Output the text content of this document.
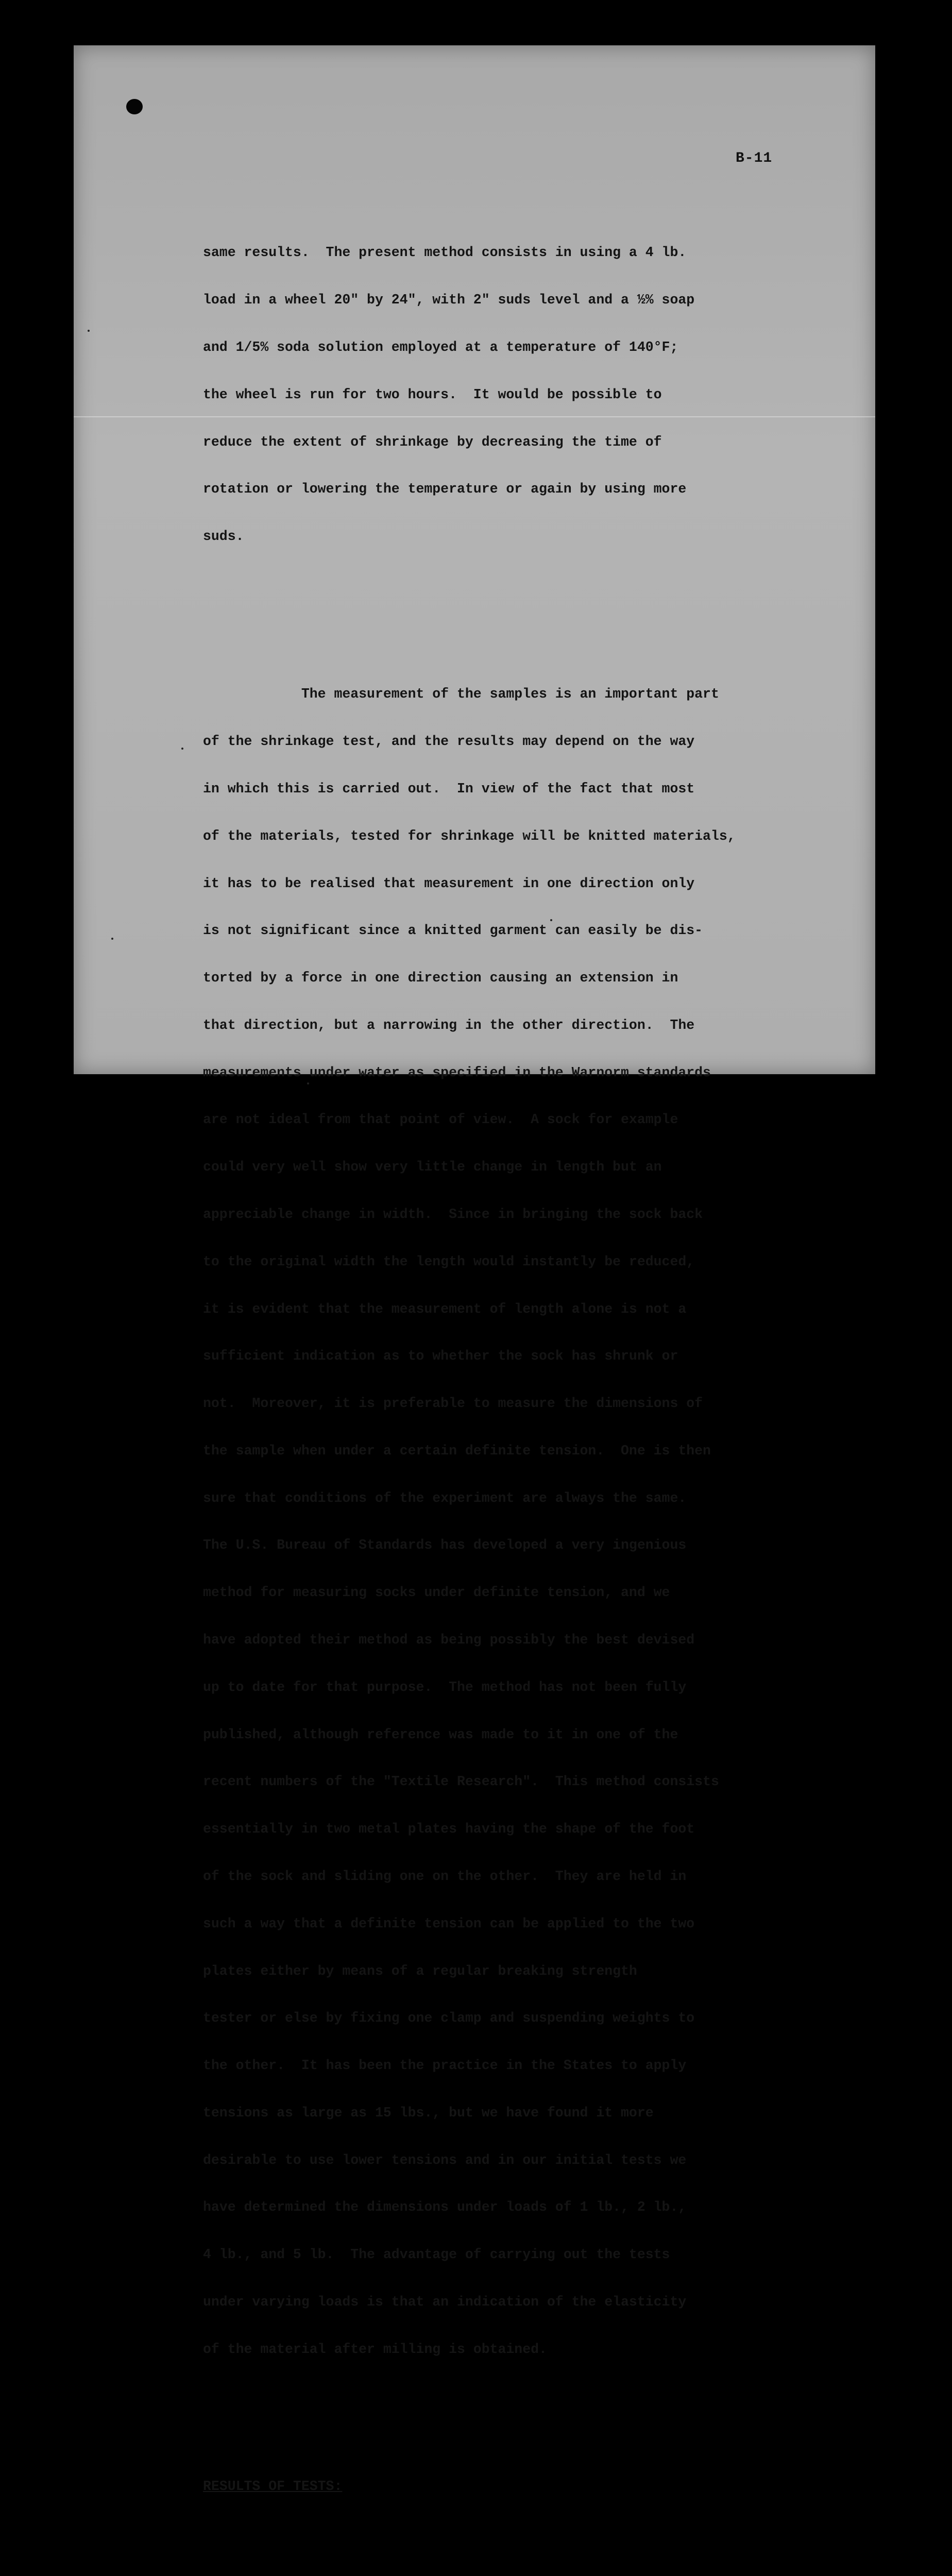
B-11

same results.  The present method consists in using a 4 lb.

load in a wheel 20" by 24", with 2" suds level and a ½% soap

and 1/5% soda solution employed at a temperature of 140°F;

the wheel is run for two hours.  It would be possible to

reduce the extent of shrinkage by decreasing the time of

rotation or lowering the temperature or again by using more

suds.

The measurement of the samples is an important part

of the shrinkage test, and the results may depend on the way

in which this is carried out.  In view of the fact that most

of the materials, tested for shrinkage will be knitted materials,

it has to be realised that measurement in one direction only

is not significant since a knitted garment can easily be dis-

torted by a force in one direction causing an extension in

that direction, but a narrowing in the other direction.  The

measurements under water as specified in the Warnorm standards

are not ideal from that point of view.  A sock for example

could very well show very little change in length but an

appreciable change in width.  Since in bringing the sock back

to the original width the length would instantly be reduced,

it is evident that the measurement of length alone is not a

sufficient indication as to whether the sock has shrunk or

not.  Moreover, it is preferable to measure the dimensions of

the sample when under a certain definite tension.  One is then

sure that conditions of the experiment are always the same.

The U.S. Bureau of Standards has developed a very ingenious

method for measuring socks under definite tension, and we

have adopted their method as being possibly the best devised

up to date for that purpose.  The method has not been fully

published, although reference was made to it in one of the

recent numbers of the "Textile Research".  This method consists

essentially in two metal plates having the shape of the foot

of the sock and sliding one on the other.  They are held in

such a way that a definite tension can be applied to the two

plates either by means of a regular breaking strength

tester or else by fixing one clamp and suspending weights to

the other.  It has been the practice in the States to apply

tensions as large as 15 lbs., but we have found it more

desirable to use lower tensions and in our initial tests we

have determined the dimensions under loads of 1 lb., 2 lb.,

4 lb., and 5 lb.  The advantage of carrying out the tests

under varying loads is that an indication of the elasticity

of the material after milling is obtained.

RESULTS OF TESTS:
